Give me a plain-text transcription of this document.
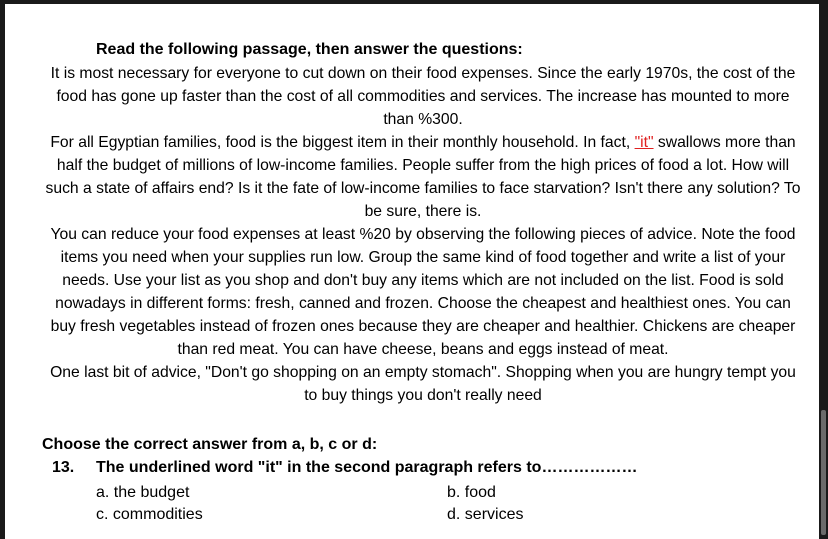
Read the following passage, then answer the questions:

It is most necessary for everyone to cut down on their food expenses. Since the early 1970s, the cost of the food has gone up faster than the cost of all commodities and services. The increase has mounted to more than %300.

For all Egyptian families, food is the biggest item in their monthly household. In fact, "it" swallows more than half the budget of millions of low-income families. People suffer from the high prices of food a lot. How will such a state of affairs end? Is it the fate of low-income families to face starvation? Isn't there any solution? To be sure, there is.

You can reduce your food expenses at least %20 by observing the following pieces of advice. Note the food items you need when your supplies run low. Group the same kind of food together and write a list of your needs. Use your list as you shop and don't buy any items which are not included on the list. Food is sold nowadays in different forms: fresh, canned and frozen. Choose the cheapest and healthiest ones. You can buy fresh vegetables instead of frozen ones because they are cheaper and healthier. Chickens are cheaper than red meat. You can have cheese, beans and eggs instead of meat.

One last bit of advice, "Don't go shopping on an empty stomach". Shopping when you are hungry tempt you to buy things you don't really need

Choose the correct answer from a, b, c or d:
13. The underlined word "it" in the second paragraph refers to………………
a. the budget	b. food
c. commodities	d. services
